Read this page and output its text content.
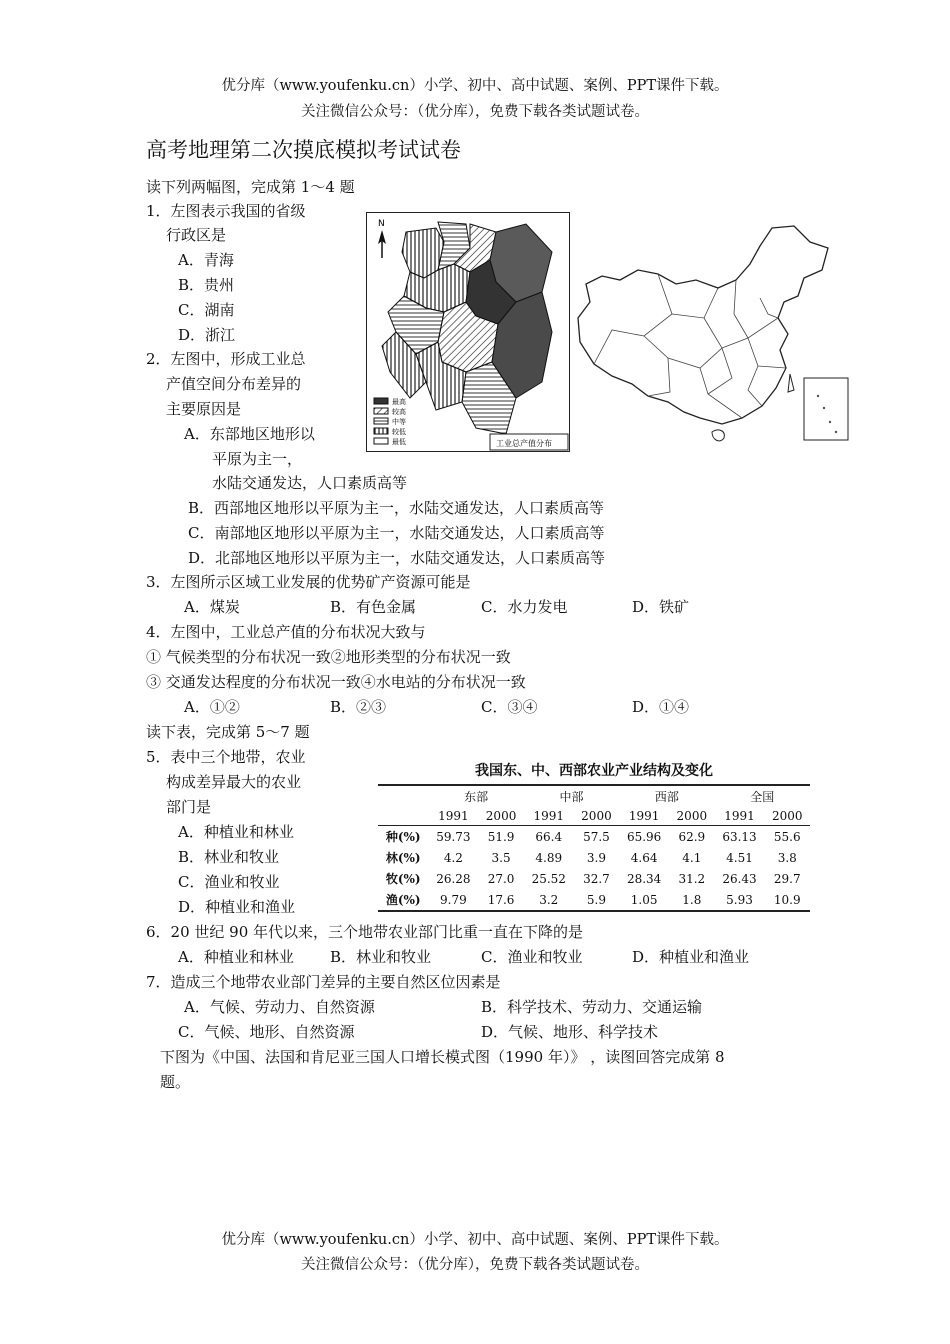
优分库（www.youfenku.cn）小学、初中、高中试题、案例、PPT课件下载。
关注微信公众号：（优分库），免费下载各类试题试卷。
高考地理第二次摸底模拟考试试卷
读下列两幅图，完成第 1～4 题
1．左图表示我国的省级
行政区是
A．青海
B．贵州
C．湖南
D．浙江
2．左图中，形成工业总
产值空间分布差异的
主要原因是
A．东部地区地形以
平原为主一，
水陆交通发达，人口素质高等
B．西部地区地形以平原为主一，水陆交通发达，人口素质高等
C．南部地区地形以平原为主一，水陆交通发达，人口素质高等
D．北部地区地形以平原为主一，水陆交通发达，人口素质高等
3．左图所示区域工业发展的优势矿产资源可能是
A．煤炭	B．有色金属	C．水力发电	D．铁矿
4．左图中，工业总产值的分布状况大致与
① 气候类型的分布状况一致②地形类型的分布状况一致
③ 交通发达程度的分布状况一致④水电站的分布状况一致
A．①②	B．②③	C．③④	D．①④
读下表，完成第 5～7 题
5．表中三个地带，农业
构成差异最大的农业
部门是
A．种植业和林业
B．林业和牧业
C．渔业和牧业
D．种植业和渔业
6．20 世纪 90 年代以来，三个地带农业部门比重一直在下降的是
A．种植业和林业 B．林业和牧业	C．渔业和牧业	D．种植业和渔业
7．造成三个地带农业部门差异的主要自然区位因素是
A．气候、劳动力、自然资源	B．科学技术、劳动力、交通运输
C．气候、地形、自然资源	D．气候、地形、科学技术
下图为《中国、法国和肯尼亚三国人口增长模式图（1990 年）》 ，读图回答完成第 8
题。
优分库（www.youfenku.cn）小学、初中、高中试题、案例、PPT课件下载。
关注微信公众号：（优分库），免费下载各类试题试卷。
N
最高
较高
中等
较低
最低	工业总产值分布
我国东、中、西部农业产业结构及变化
	东部		中部		西部		全国	
	1991	2000	1991	2000	1991	2000	1991	2000
种(%)	59.73	51.9	66.4	57.5	65.96	62.9	63.13	55.6
林(%)	4.2	3.5	4.89	3.9	4.64	4.1	4.51	3.8
牧(%)	26.28	27.0	25.52	32.7	28.34	31.2	26.43	29.7
渔(%)	9.79	17.6	3.2	5.9	1.05	1.8	5.93	10.9
